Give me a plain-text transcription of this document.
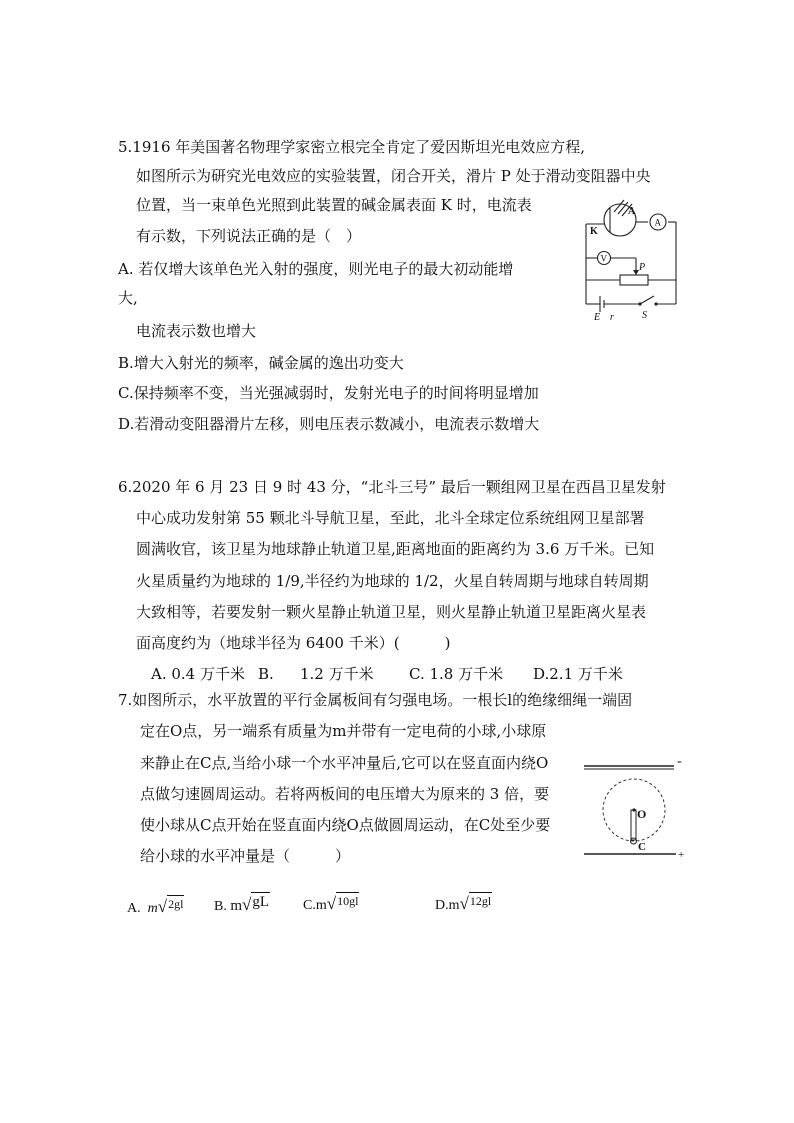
5.1916 年美国著名物理学家密立根完全肯定了爱因斯坦光电效应方程,
如图所示为研究光电效应的实验装置，闭合开关，滑片 P 处于滑动变阻器中央
位置，当一束单色光照到此装置的碱金属表面 K 时，电流表
有示数，下列说法正确的是（　）
A. 若仅增大该单色光入射的强度，则光电子的最大初动能增
大,
电流表示数也增大
B.增大入射光的频率，碱金属的逸出功变大
C.保持频率不变，当光强减弱时，发射光电子的时间将明显增加
D.若滑动变阻器滑片左移，则电压表示数减小，电流表示数增大
K
A
A
V
P
E r	S
6.2020 年 6 月 23 日 9 时 43 分，“北斗三号” 最后一颗组网卫星在西昌卫星发射
中心成功发射第 55 颗北斗导航卫星，至此，北斗全球定位系统组网卫星部署
圆满收官，该卫星为地球静止轨道卫星,距离地面的距离约为 3.6 万千米。已知
火星质量约为地球的 1/9,半径约为地球的 1/2，火星自转周期与地球自转周期
大致相等，若要发射一颗火星静止轨道卫星，则火星静止轨道卫星距离火星表
面高度约为（地球半径为 6400 千米）(　　　)
A. 0.4 万千米 B. 1.2 万千米 C. 1.8 万千米 D.2.1 万千米
7.如图所示，水平放置的平行金属板间有匀强电场。一根长l的绝缘细绳一端固
定在O点，另一端系有质量为m并带有一定电荷的小球,小球原
来静止在C点,当给小球一个水平冲量后,它可以在竖直面内绕O
点做匀速圆周运动。若将两板间的电压增大为原来的 3 倍，要
使小球从C点开始在竖直面内绕O点做圆周运动，在C处至少要
给小球的水平冲量是（　　　）
-
+
O
C
A. m√2gl B. m√gL C.m√10gl	D.m√12gl
